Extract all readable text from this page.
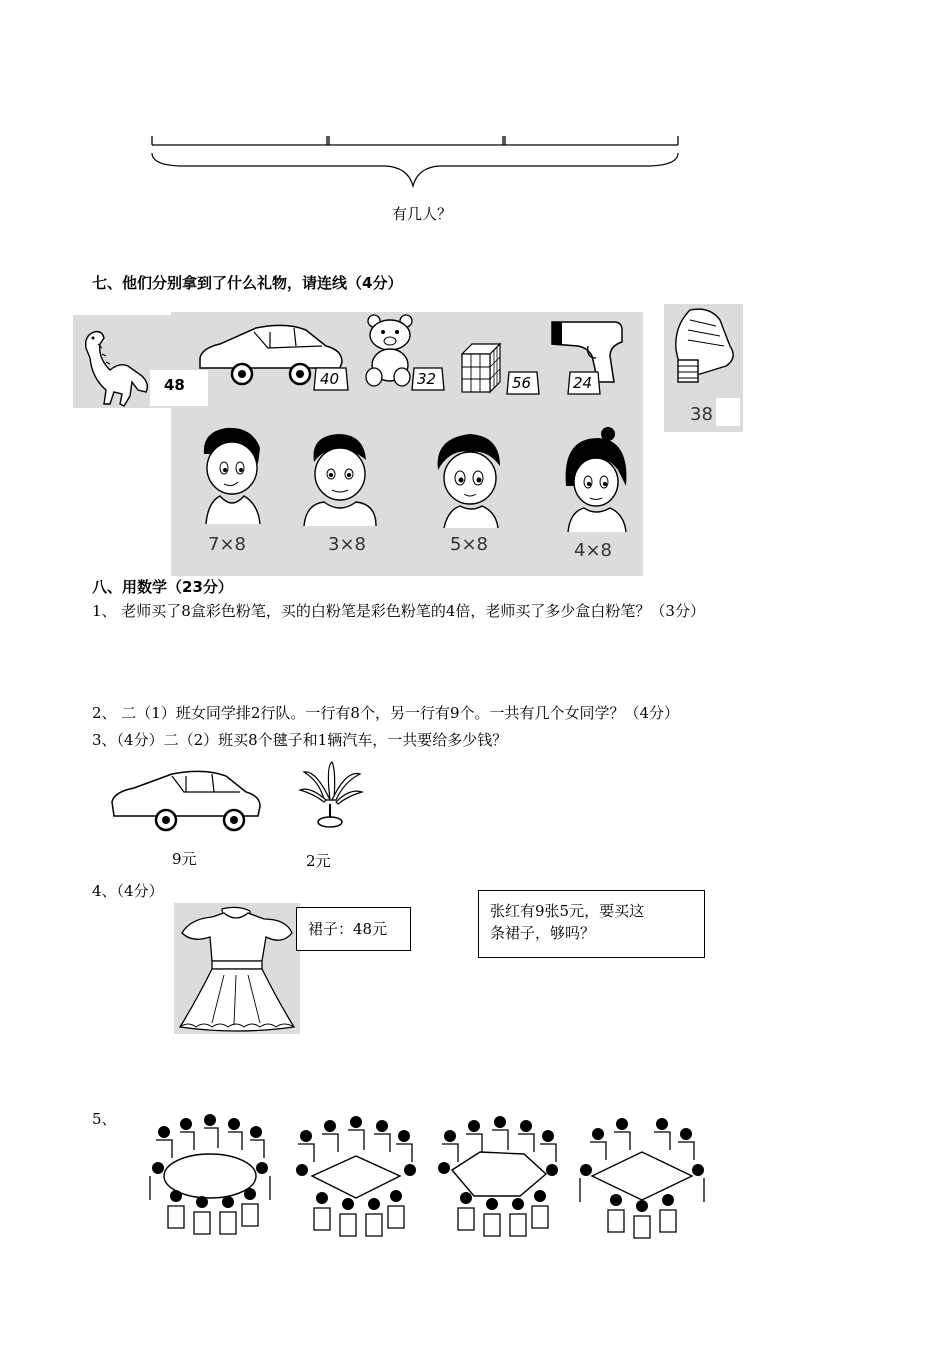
有几人？
七、他们分别拿到了什么礼物，请连线（4分）
48	40	32	56	24
38
7×8	3×8	5×8	4×8
八、用数学（23分）
1、 老师买了8盒彩色粉笔，买的白粉笔是彩色粉笔的4倍，老师买了多少盒白粉笔？（3分）
2、 二（1）班女同学排2行队。一行有8个，另一行有9个。一共有几个女同学？（4分）
3、（4分）二（2）班买8个毽子和1辆汽车，一共要给多少钱？
9元	2元
4、（4分）
裙子：48元
张红有9张5元，要买这
条裙子，够吗？
5、
